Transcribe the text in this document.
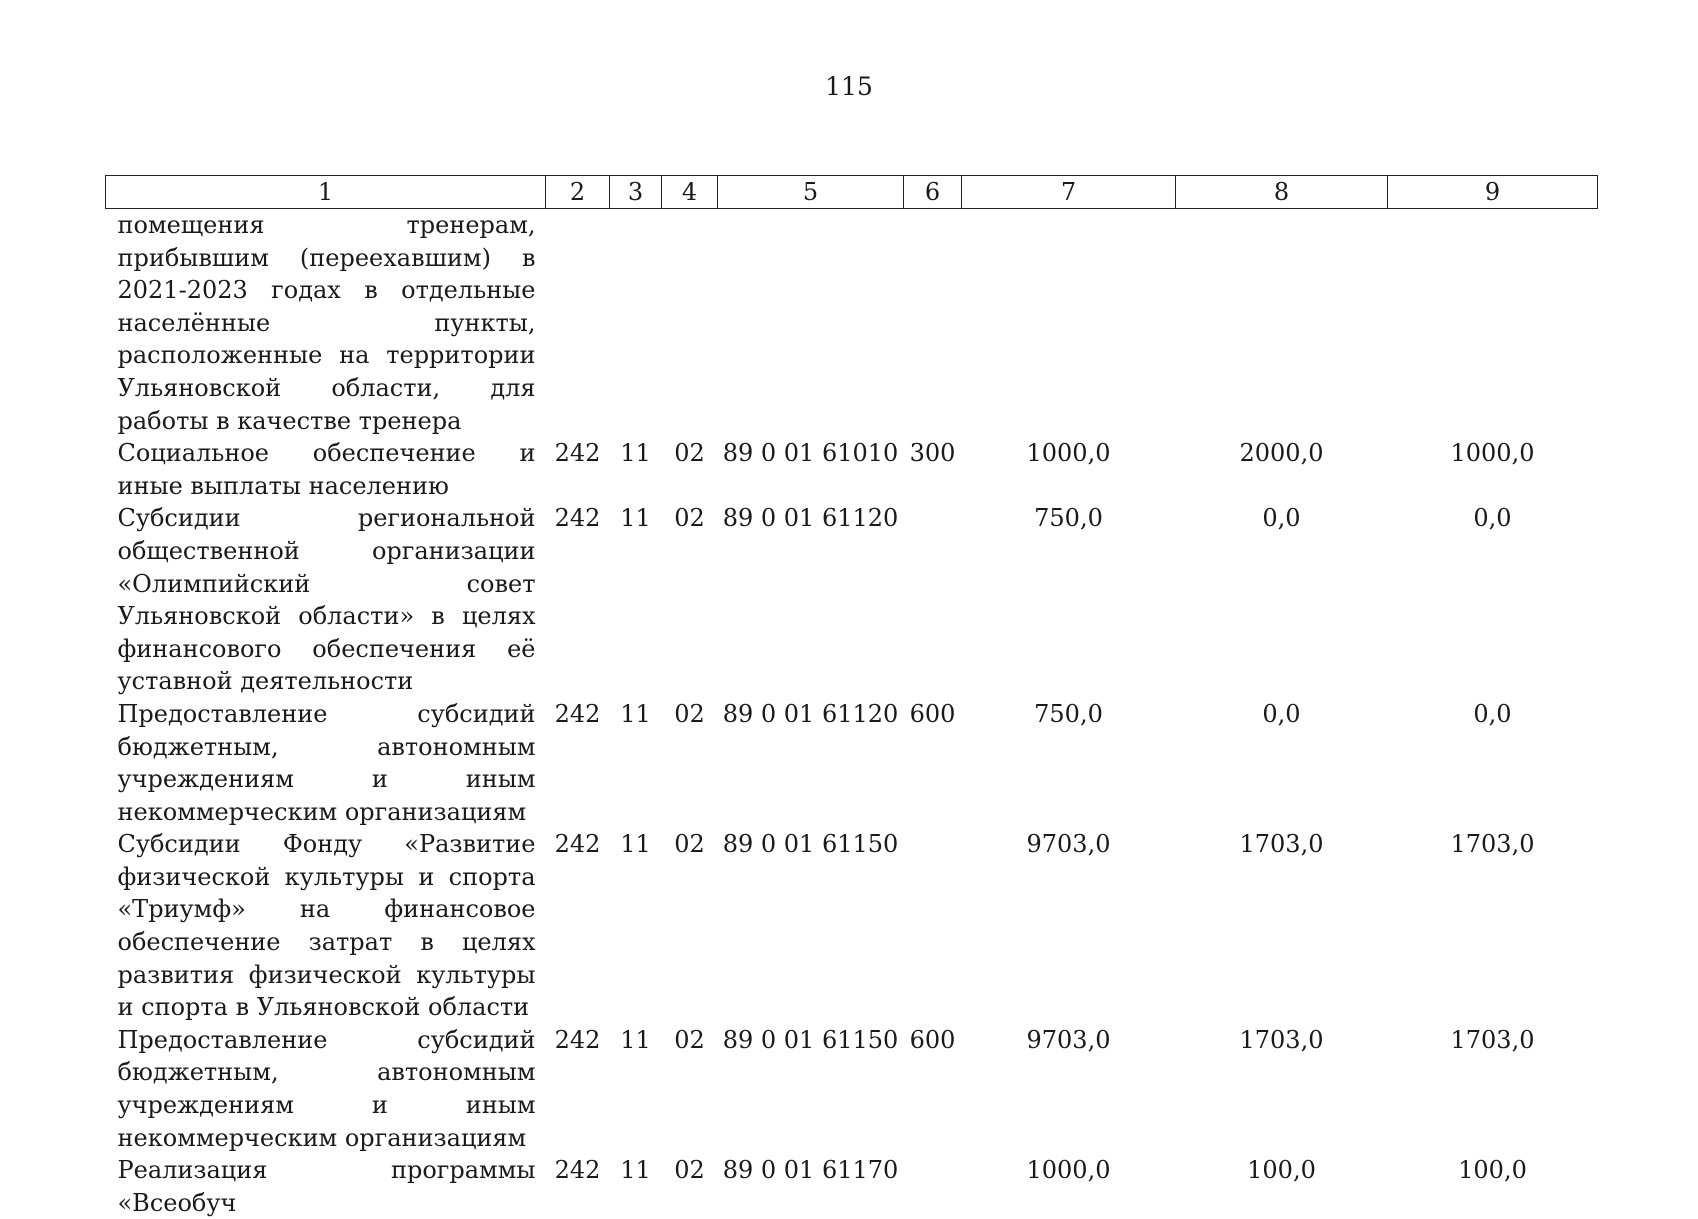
115
1	2	3	4	5	6	7	8	9
помещения тренерам, прибывшим (переехавшим) в 2021-2023 годах в отдельные населённые пункты, расположенные на территории Ульяновской области, для работы в качестве тренера								
Социальное обеспечение и иные выплаты населению	242	11	02	89 0 01 61010	300	1000,0	2000,0	1000,0
Субсидии региональной общественной организации «Олимпийский совет Ульяновской области» в целях финансового обеспечения её уставной деятельности	242	11	02	89 0 01 61120		750,0	0,0	0,0
Предоставление субсидий бюджетным, автономным учреждениям и иным некоммерческим организациям	242	11	02	89 0 01 61120	600	750,0	0,0	0,0
Субсидии Фонду «Развитие физической культуры и спорта «Триумф» на финансовое обеспечение затрат в целях развития физической культуры и спорта в Ульяновской области	242	11	02	89 0 01 61150		9703,0	1703,0	1703,0
Предоставление субсидий бюджетным, автономным учреждениям и иным некоммерческим организациям	242	11	02	89 0 01 61150	600	9703,0	1703,0	1703,0
Реализация программы «Всеобуч	242	11	02	89 0 01 61170		1000,0	100,0	100,0
